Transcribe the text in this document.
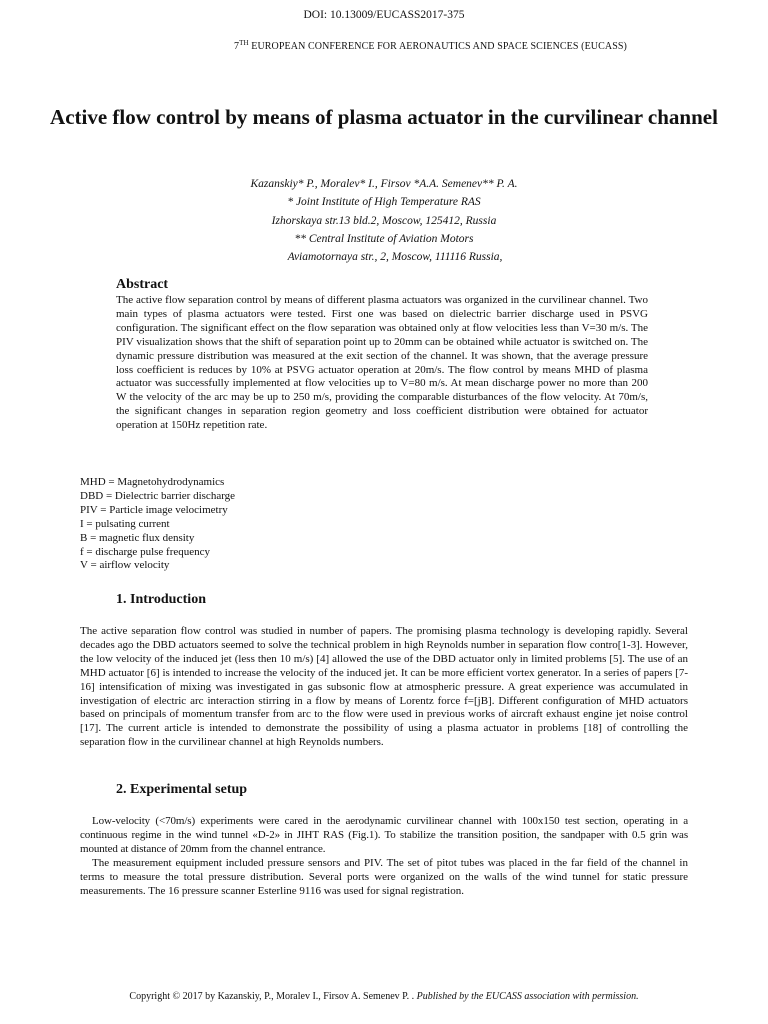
DOI: 10.13009/EUCASS2017-375
7TH EUROPEAN CONFERENCE FOR AERONAUTICS AND SPACE SCIENCES (EUCASS)
Active flow control by means of plasma actuator in the curvilinear channel
Kazanskiy* P., Moralev* I., Firsov *A.A. Semenev** P. A.
* Joint Institute of High Temperature RAS
Izhorskaya str.13 bld.2, Moscow, 125412, Russia
** Central Institute of Aviation Motors
Aviamotornaya str., 2, Moscow, 111116 Russia,
Abstract
The active flow separation control by means of different plasma actuators was organized in the curvilinear channel. Two main types of plasma actuators were tested. First one was based on dielectric barrier discharge used in PSVG configuration. The significant effect on the flow separation was obtained only at flow velocities less than V=30 m/s. The PIV visualization shows that the shift of separation point up to 20mm can be obtained while actuator is switched on. The dynamic pressure distribution was measured at the exit section of the channel. It was shown, that the average pressure loss coefficient is reduces by 10% at PSVG actuator operation at 20m/s. The flow control by means MHD of plasma actuator was successfully implemented at flow velocities up to V=80 m/s. At mean discharge power no more than 200 W the velocity of the arc may be up to 250 m/s, providing the comparable disturbances of the flow velocity. At 70m/s, the significant changes in separation region geometry and loss coefficient distribution were obtained for actuator operation at 150Hz repetition rate.
MHD = Magnetohydrodynamics
DBD = Dielectric barrier discharge
PIV = Particle image velocimetry
I = pulsating current
B = magnetic flux density
f = discharge pulse frequency
V = airflow velocity
1. Introduction
The active separation flow control was studied in number of papers. The promising plasma technology is developing rapidly. Several decades ago the DBD actuators seemed to solve the technical problem in high Reynolds number in separation flow contro[1-3]. However, the low velocity of the induced jet (less then 10 m/s) [4] allowed the use of the DBD actuator only in limited problems [5]. The use of an MHD actuator [6] is intended to increase the velocity of the induced jet. It can be more efficient vortex generator. In a series of papers [7-16] intensification of mixing was investigated in gas subsonic flow at atmospheric pressure. A great experience was accumulated in investigation of electric arc interaction stirring in a flow by means of Lorentz force f=[jB]. Different configuration of MHD actuators based on principals of momentum transfer from arc to the flow were used in previous works of aircraft exhaust engine jet noise control [17]. The current article is intended to demonstrate the possibility of using a plasma actuator in problems [18] of controlling the separation flow in the curvilinear channel at high Reynolds numbers.
2. Experimental setup

Low-velocity (<70m/s) experiments were cared in the aerodynamic curvilinear channel with 100x150 test section, operating in a continuous regime in the wind tunnel «D-2» in JIHT RAS (Fig.1). To stabilize the transition position, the sandpaper with 0.5 grin was mounted at distance of 20mm from the channel entrance.

The measurement equipment included pressure sensors and PIV. The set of pitot tubes was placed in the far field of the channel in terms to measure the total pressure distribution. Several ports were organized on the walls of the wind tunnel for static pressure measurements. The 16 pressure scanner Esterline 9116 was used for signal registration.

Copyright © 2017 by Kazanskiy, P., Moralev I., Firsov A. Semenev P. . Published by the EUCASS association with permission.
